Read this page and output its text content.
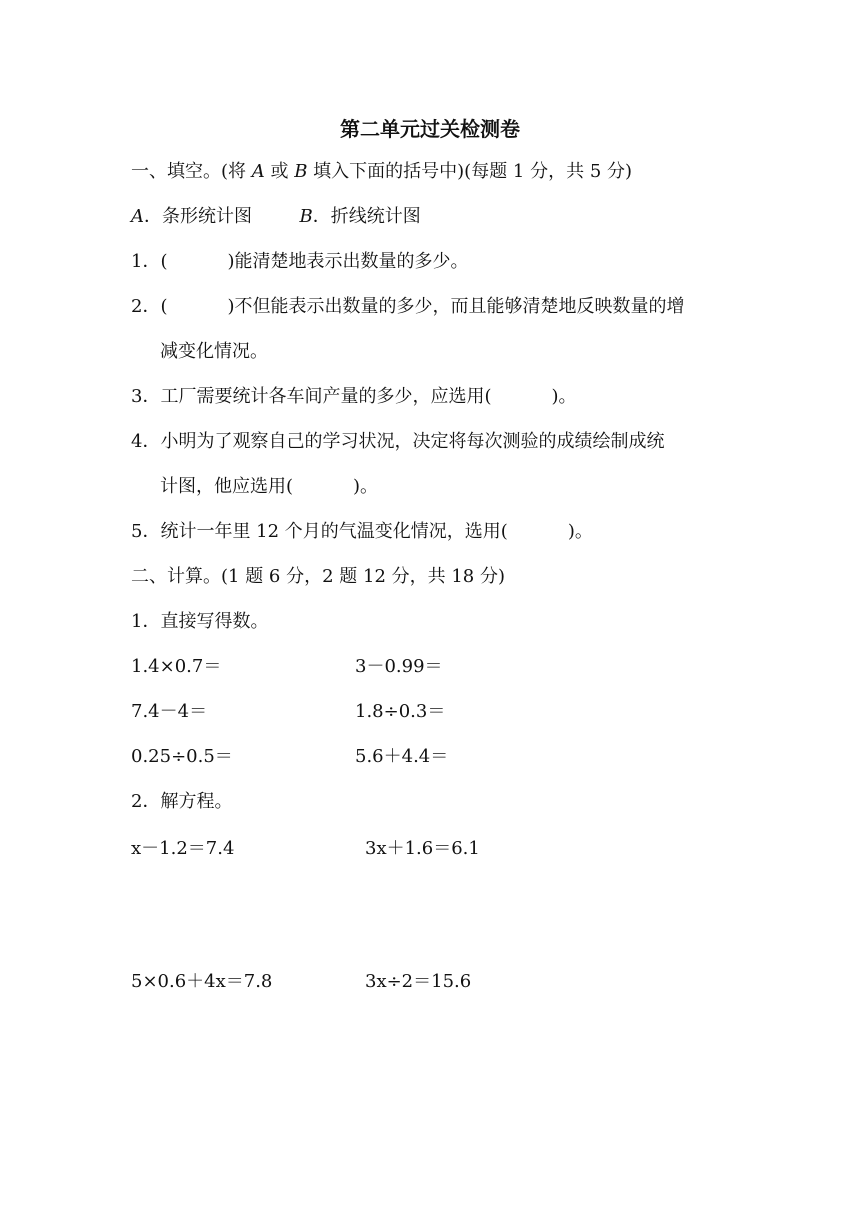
第二单元过关检测卷
一、填空。(将 A 或 B 填入下面的括号中)(每题 1 分，共 5 分)
A．条形统计图	B．折线统计图
1．(	)能清楚地表示出数量的多少。
2．(	)不但能表示出数量的多少，而且能够清楚地反映数量的增
减变化情况。
3．工厂需要统计各车间产量的多少，应选用(	)。
4．小明为了观察自己的学习状况，决定将每次测验的成绩绘制成统
计图，他应选用(	)。
5．统计一年里 12 个月的气温变化情况，选用(	)。
二、计算。(1 题 6 分，2 题 12 分，共 18 分)
1．直接写得数。
1.4×0.7＝	3－0.99＝
7.4－4＝	1.8÷0.3＝
0.25÷0.5＝	5.6＋4.4＝
2．解方程。
x－1.2＝7.4	3x＋1.6＝6.1
5×0.6＋4x＝7.8	3x÷2＝15.6
